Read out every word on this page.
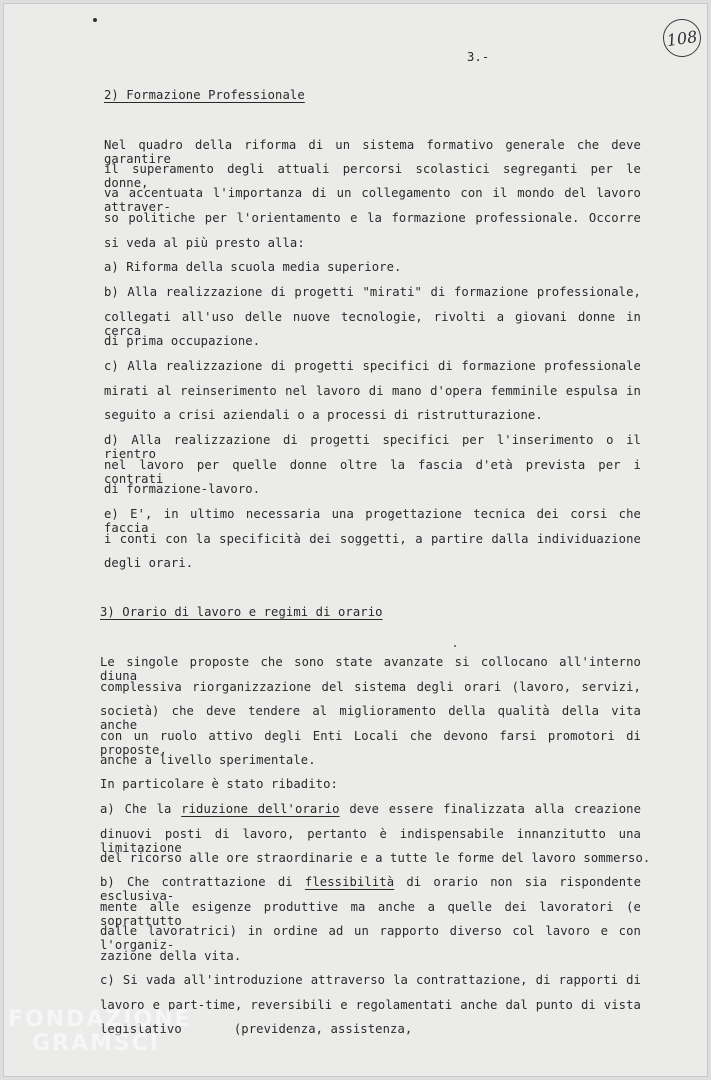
108
3.-
2) Formazione Professionale
Nel quadro della riforma di un sistema formativo generale che deve garantire
il superamento degli attuali percorsi scolastici segreganti per le donne,
va accentuata l'importanza di un collegamento con il mondo del lavoro attraver-
so politiche per l'orientamento e la formazione professionale. Occorre
si veda al più presto alla:
a) Riforma della scuola media superiore.
b) Alla realizzazione di progetti "mirati" di formazione professionale,
collegati all'uso delle nuove tecnologie, rivolti a giovani donne in cerca
di prima occupazione.
c) Alla realizzazione di progetti specifici di formazione professionale
mirati al reinserimento nel lavoro di mano d'opera femminile espulsa in
seguito a crisi aziendali o a processi di ristrutturazione.
d) Alla realizzazione di progetti specifici per l'inserimento o il rientro
nel lavoro per quelle donne oltre la fascia d'età prevista per i contrati
di formazione-lavoro.
e) E', in ultimo necessaria una progettazione tecnica dei corsi che faccia
i conti con la specificità dei soggetti, a partire dalla individuazione
degli orari.
3) Orario di lavoro e regimi di orario
Le singole proposte che sono state avanzate si collocano all'interno diuna
complessiva riorganizzazione del sistema degli orari (lavoro, servizi,
società) che deve tendere al miglioramento della qualità della vita anche
con un ruolo attivo degli Enti Locali che devono farsi promotori di proposte,
anche a livello sperimentale.
In particolare è stato ribadito:
a) Che la riduzione dell'orario deve essere finalizzata alla creazione
dinuovi posti di lavoro, pertanto è indispensabile innanzitutto una limitazione
del ricorso alle ore straordinarie e a tutte le forme del lavoro sommerso.
b) Che contrattazione di flessibilità di orario non sia rispondente esclusiva-
mente alle esigenze produttive ma anche a quelle dei lavoratori (e soprattutto
dalle lavoratrici) in ordine ad un rapporto diverso col lavoro e con l'organiz-
zazione della vita.
c) Si vada all'introduzione attraverso la contrattazione, di rapporti di
lavoro e part-time, reversibili e regolamentati anche dal punto di vista
legislativo       (previdenza, assistenza,
FONDAZIONE
GRAMSCI
